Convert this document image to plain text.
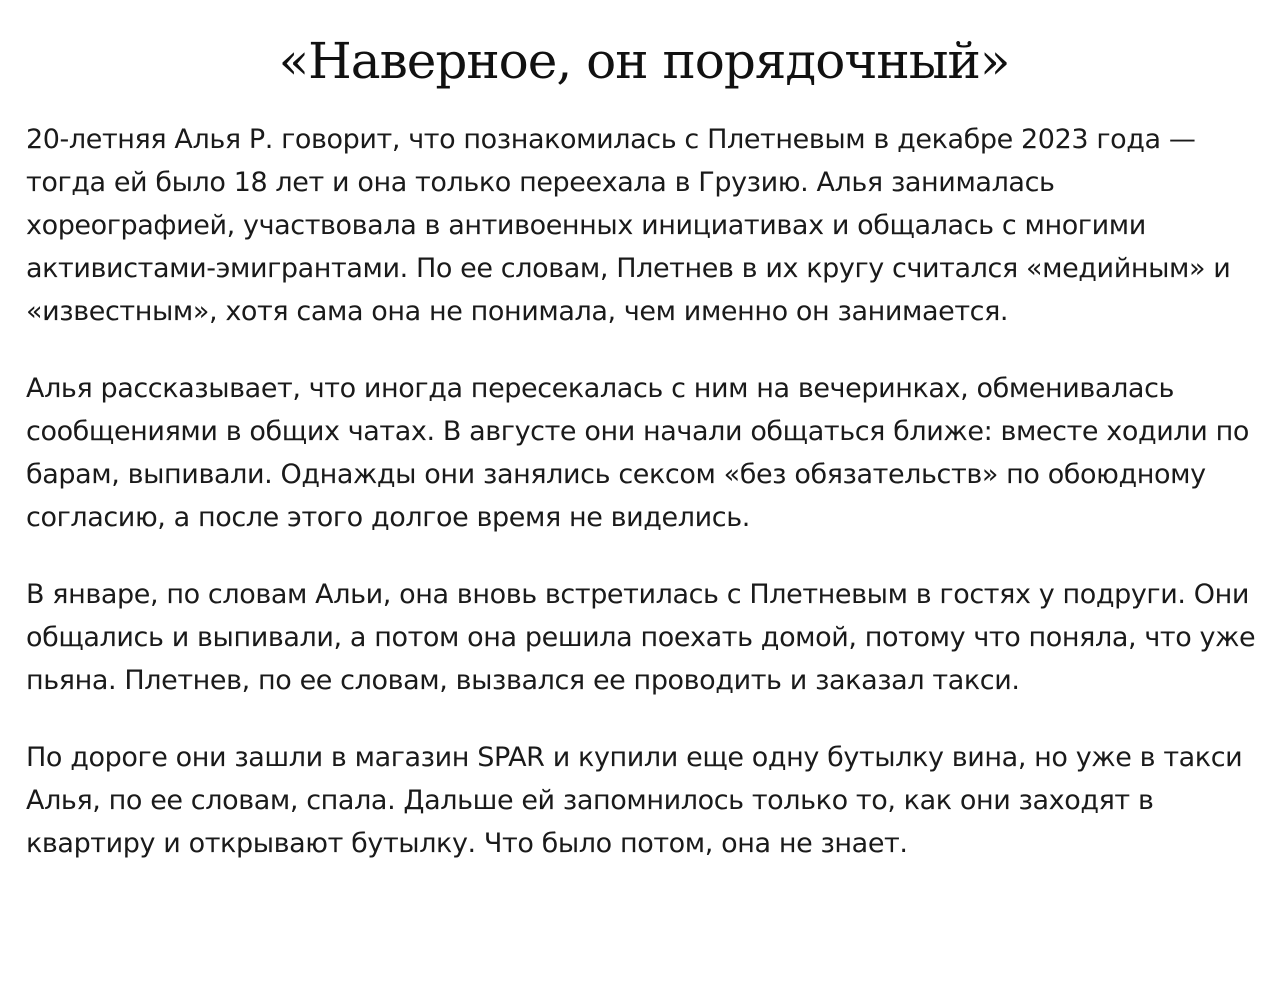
«Наверное, он порядочный»

20-летняя Алья Р. говорит, что познакомилась с Плетневым в декабре 2023 года — тогда ей было 18 лет и она только переехала в Грузию. Алья занималась хореографией, участвовала в антивоенных инициативах и общалась с многими активистами-эмигрантами. По ее словам, Плетнев в их кругу считался «медийным» и «известным», хотя сама она не понимала, чем именно он занимается.

Алья рассказывает, что иногда пересекалась с ним на вечеринках, обменивалась сообщениями в общих чатах. В августе они начали общаться ближе: вместе ходили по барам, выпивали. Однажды они занялись сексом «без обязательств» по обоюдному согласию, а после этого долгое время не виделись.

В январе, по словам Альи, она вновь встретилась с Плетневым в гостях у подруги. Они общались и выпивали, а потом она решила поехать домой, потому что поняла, что уже пьяна. Плетнев, по ее словам, вызвался ее проводить и заказал такси.

По дороге они зашли в магазин SPAR и купили еще одну бутылку вина, но уже в такси Алья, по ее словам, спала. Дальше ей запомнилось только то, как они заходят в квартиру и открывают бутылку. Что было потом, она не знает.
